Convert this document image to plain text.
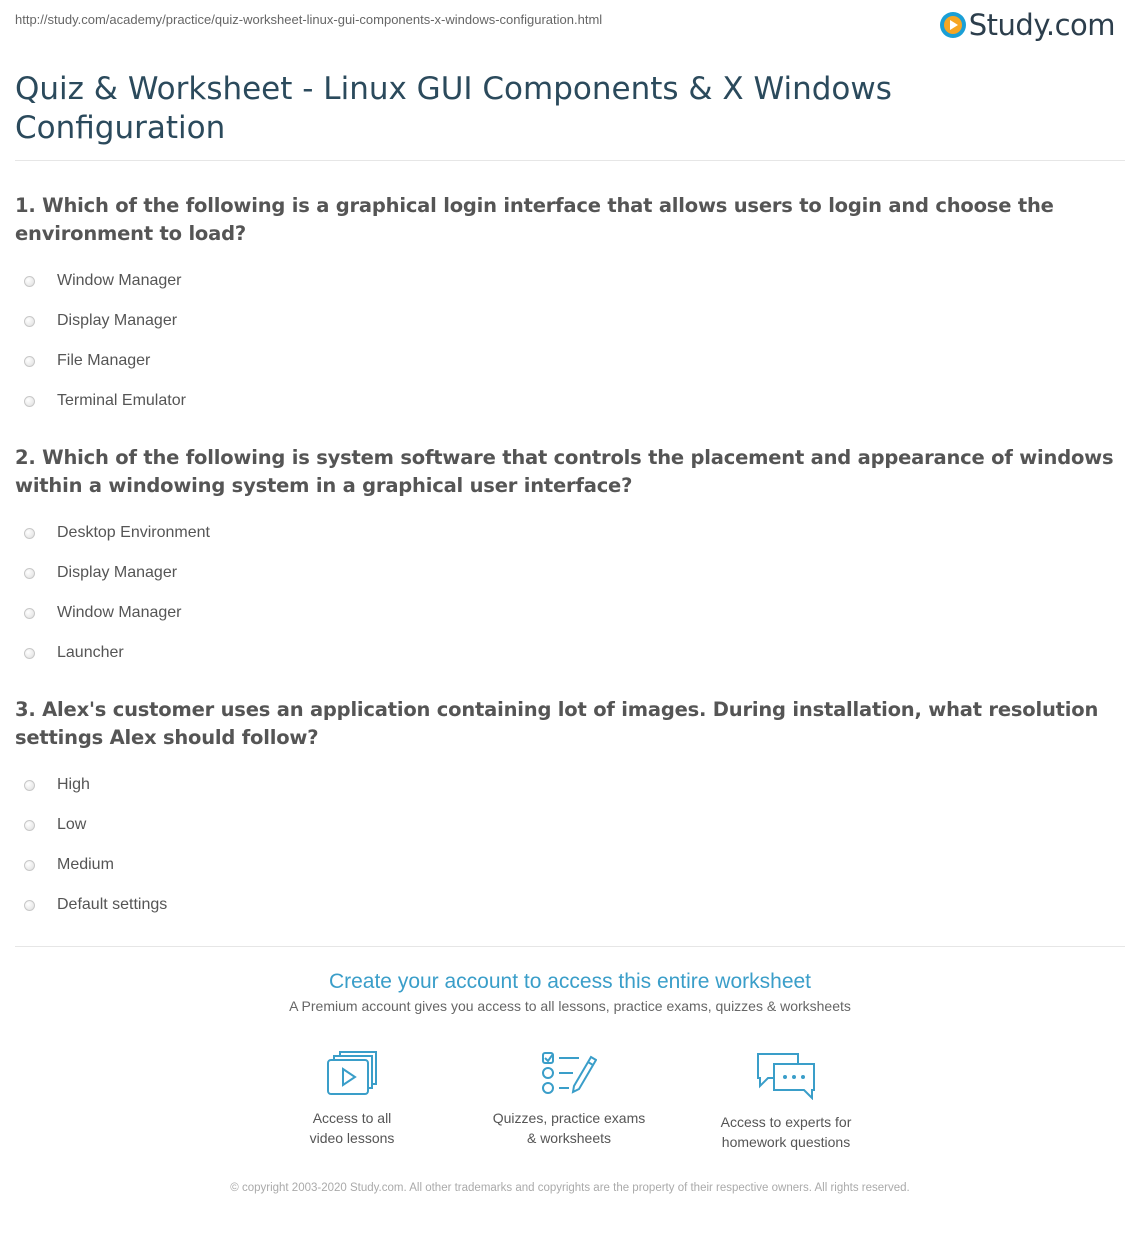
http://study.com/academy/practice/quiz-worksheet-linux-gui-components-x-windows-configuration.html	Study.com
Quiz & Worksheet - Linux GUI Components & X Windows Configuration
1. Which of the following is a graphical login interface that allows users to login and choose the environment to load?
Window Manager
Display Manager
File Manager
Terminal Emulator
2. Which of the following is system software that controls the placement and appearance of windows within a windowing system in a graphical user interface?
Desktop Environment
Display Manager
Window Manager
Launcher
3. Alex's customer uses an application containing lot of images. During installation, what resolution settings Alex should follow?
High
Low
Medium
Default settings
Create your account to access this entire worksheet
A Premium account gives you access to all lessons, practice exams, quizzes & worksheets
Access to all
video lessons
Quizzes, practice exams
& worksheets
Access to experts for
homework questions
© copyright 2003-2020 Study.com. All other trademarks and copyrights are the property of their respective owners. All rights reserved.
